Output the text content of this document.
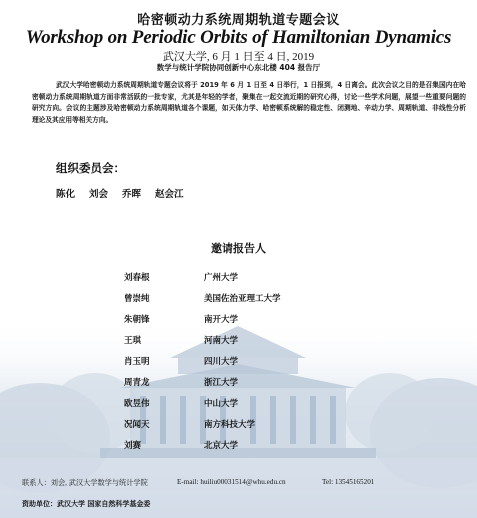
哈密顿动力系统周期轨道专题会议
Workshop on Periodic Orbits of Hamiltonian Dynamics
武汉大学, 6 月 1 日至 4 日, 2019
数学与统计学院协同创新中心东北楼 404 报告厅

武汉大学哈密顿动力系统周期轨道专题会议将于 2019 年 6 月 1 日至 4 日举行，1 日报到，4 日离会。此次会议之目的是召集国内在哈密顿动力系统周期轨道方面非常活跃的一批专家，尤其是年轻的学者，聚集在一起交流近期的研究心得，讨论一些学术问题，展望一些重要问题的研究方向。会议的主题涉及哈密顿动力系统周期轨道各个课题，如天体力学、哈密顿系统解的稳定性、闭测地、辛动力学、周期轨道、非线性分析理论及其应用等相关方向。

组织委员会：
陈化 刘会 乔晖 赵会江
邀请报告人
刘春根	广州大学
曾崇纯	美国佐治亚理工大学
朱朝锋	南开大学
王琪	河南大学
肖玉明	四川大学
周青龙	浙江大学
欧昱伟	中山大学
况闻天	南方科技大学
刘赛	北京大学
联系人：刘会, 武汉大学数学与统计学院	E-mail: huiliu00031514@whu.edu.cn	Tel: 13545165201
资助单位：武汉大学 国家自然科学基金委
